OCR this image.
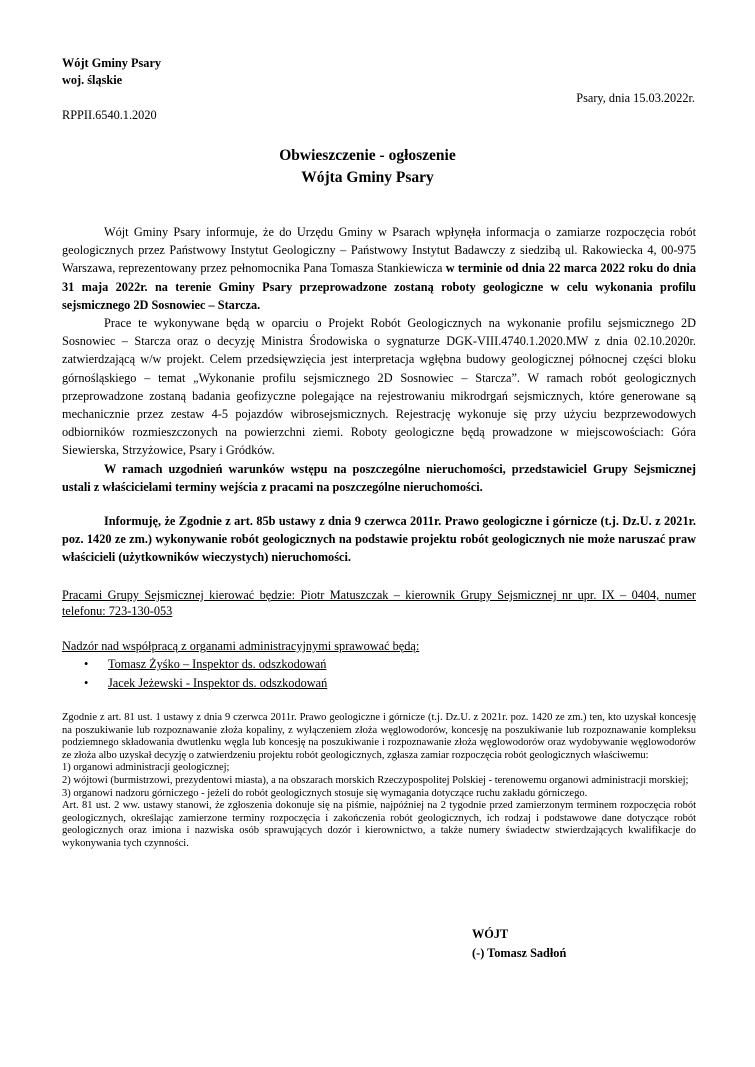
Wójt Gminy Psary
woj. śląskie
Psary, dnia 15.03.2022r.
RPPII.6540.1.2020
Obwieszczenie - ogłoszenie
Wójta Gminy Psary

Wójt Gminy Psary informuje, że do Urzędu Gminy w Psarach wpłynęła informacja o zamiarze rozpoczęcia robót geologicznych przez Państwowy Instytut Geologiczny – Państwowy Instytut Badawczy z siedzibą ul. Rakowiecka 4, 00-975 Warszawa, reprezentowany przez pełnomocnika Pana Tomasza Stankiewicza w terminie od dnia 22 marca 2022 roku do dnia 31 maja 2022r. na terenie Gminy Psary przeprowadzone zostaną roboty geologiczne w celu wykonania profilu sejsmicznego 2D Sosnowiec – Starcza.

Prace te wykonywane będą w oparciu o Projekt Robót Geologicznych na wykonanie profilu sejsmicznego 2D Sosnowiec – Starcza oraz o decyzję Ministra Środowiska o sygnaturze DGK-VIII.4740.1.2020.MW z dnia 02.10.2020r. zatwierdzającą w/w projekt. Celem przedsięwzięcia jest interpretacja wgłębna budowy geologicznej północnej części bloku górnośląskiego – temat „Wykonanie profilu sejsmicznego 2D Sosnowiec – Starcza”. W ramach robót geologicznych przeprowadzone zostaną badania geofizyczne polegające na rejestrowaniu mikrodrgań sejsmicznych, które generowane są mechanicznie przez zestaw 4-5 pojazdów wibrosejsmicznych. Rejestrację wykonuje się przy użyciu bezprzewodowych odbiorników rozmieszczonych na powierzchni ziemi. Roboty geologiczne będą prowadzone w miejscowościach: Góra Siewierska, Strzyżowice, Psary i Gródków.

W ramach uzgodnień warunków wstępu na poszczególne nieruchomości, przedstawiciel Grupy Sejsmicznej ustali z właścicielami terminy wejścia z pracami na poszczególne nieruchomości.

Informuję, że Zgodnie z art. 85b ustawy z dnia 9 czerwca 2011r. Prawo geologiczne i górnicze (t.j. Dz.U. z 2021r. poz. 1420 ze zm.) wykonywanie robót geologicznych na podstawie projektu robót geologicznych nie może naruszać praw właścicieli (użytkowników wieczystych) nieruchomości.

Pracami Grupy Sejsmicznej kierować będzie: Piotr Matuszczak – kierownik Grupy Sejsmicznej nr upr. IX – 0404, numer telefonu: 723-130-053
Nadzór nad współpracą z organami administracyjnymi sprawować będą:
• Tomasz Żyśko – Inspektor ds. odszkodowań
• Jacek Jeżewski - Inspektor ds. odszkodowań
Zgodnie z art. 81 ust. 1 ustawy z dnia 9 czerwca 2011r. Prawo geologiczne i górnicze (t.j. Dz.U. z 2021r. poz. 1420 ze zm.) ten, kto uzyskał koncesję na poszukiwanie lub rozpoznawanie złoża kopaliny, z wyłączeniem złoża węglowodorów, koncesję na poszukiwanie lub rozpoznawanie kompleksu podziemnego składowania dwutlenku węgla lub koncesję na poszukiwanie i rozpoznawanie złoża węglowodorów oraz wydobywanie węglowodorów ze złoża albo uzyskał decyzję o zatwierdzeniu projektu robót geologicznych, zgłasza zamiar rozpoczęcia robót geologicznych właściwemu:
1) organowi administracji geologicznej;
2) wójtowi (burmistrzowi, prezydentowi miasta), a na obszarach morskich Rzeczypospolitej Polskiej - terenowemu organowi administracji morskiej;
3) organowi nadzoru górniczego - jeżeli do robót geologicznych stosuje się wymagania dotyczące ruchu zakładu górniczego.
Art. 81 ust. 2 ww. ustawy stanowi, że zgłoszenia dokonuje się na piśmie, najpóźniej na 2 tygodnie przed zamierzonym terminem rozpoczęcia robót geologicznych, określając zamierzone terminy rozpoczęcia i zakończenia robót geologicznych, ich rodzaj i podstawowe dane dotyczące robót geologicznych oraz imiona i nazwiska osób sprawujących dozór i kierownictwo, a także numery świadectw stwierdzających kwalifikacje do wykonywania tych czynności.
WÓJT
(-) Tomasz Sadłoń
